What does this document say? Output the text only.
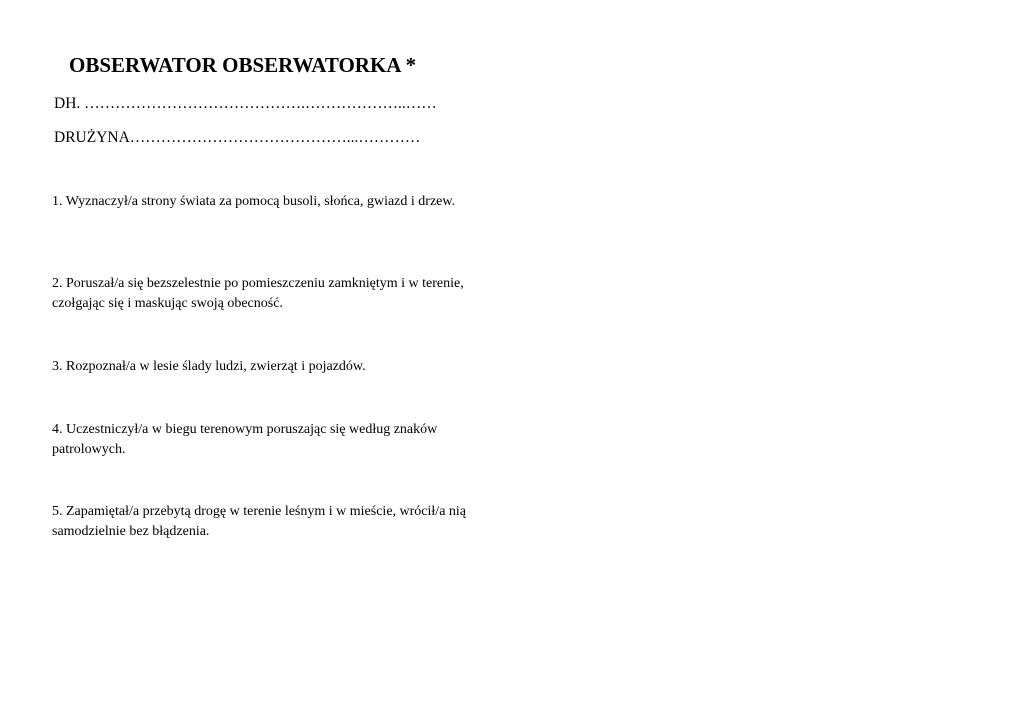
OBSERWATOR OBSERWATORKA *
DH. …………………………………….………………..……
DRUŻYNA……………………………………...…………
1. Wyznaczył/a strony świata za pomocą busoli, słońca, gwiazd i drzew.
2. Poruszał/a się bezszelestnie po pomieszczeniu zamkniętym i w terenie, czołgając się i maskując swoją obecność.
3. Rozpoznał/a w lesie ślady ludzi, zwierząt i pojazdów.
4. Uczestniczył/a w biegu terenowym poruszając się według znaków patrolowych.
5. Zapamiętał/a przebytą drogę w terenie leśnym i w mieście, wrócił/a nią samodzielnie bez błądzenia.
